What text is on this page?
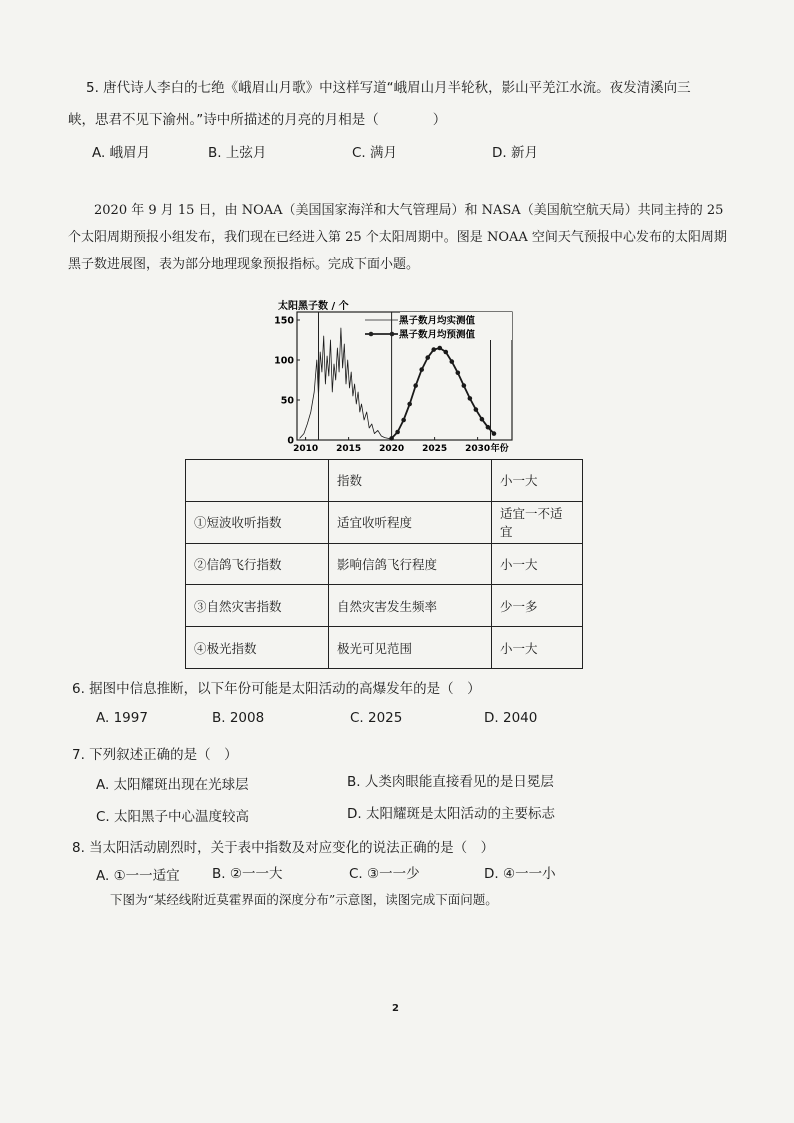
5. 唐代诗人李白的七绝《峨眉山月歌》中这样写道“峨眉山月半轮秋，影山平羌江水流。夜发清溪向三
峡，思君不见下渝州。”诗中所描述的月亮的月相是（　　　　）
A. 峨眉月	B. 上弦月	C. 满月	D. 新月

2020 年 9 月 15 日，由 NOAA（美国国家海洋和大气管理局）和 NASA（美国航空航天局）共同主持的 25 个太阳周期预报小组发布，我们现在已经进入第 25 个太阳周期中。图是 NOAA 空间天气预报中心发布的太阳周期黑子数进展图，表为部分地理现象预报指标。完成下面小题。

太阳黑子数 / 个
0
50
100
150
2010 2015 2020 2025 2030 年份
黑子数月均实测值
黑子数月均预测值
	指数	小一大
①短波收听指数	适宜收听程度	适宜一不适宜
②信鸽飞行指数	影响信鸽飞行程度	小一大
③自然灾害指数	自然灾害发生频率	少一多
④极光指数	极光可见范围	小一大
6. 据图中信息推断，以下年份可能是太阳活动的高爆发年的是（　）
A. 1997	B. 2008	C. 2025	D. 2040
7. 下列叙述正确的是（　）
A. 太阳耀斑出现在光球层	B. 人类肉眼能直接看见的是日冕层
C. 太阳黑子中心温度较高	D. 太阳耀斑是太阳活动的主要标志
8. 当太阳活动剧烈时，关于表中指数及对应变化的说法正确的是（　）
A. ①一一适宜 B. ②一一大	C. ③一一少	D. ④一一小
下图为“某经线附近莫霍界面的深度分布”示意图，读图完成下面问题。
2
